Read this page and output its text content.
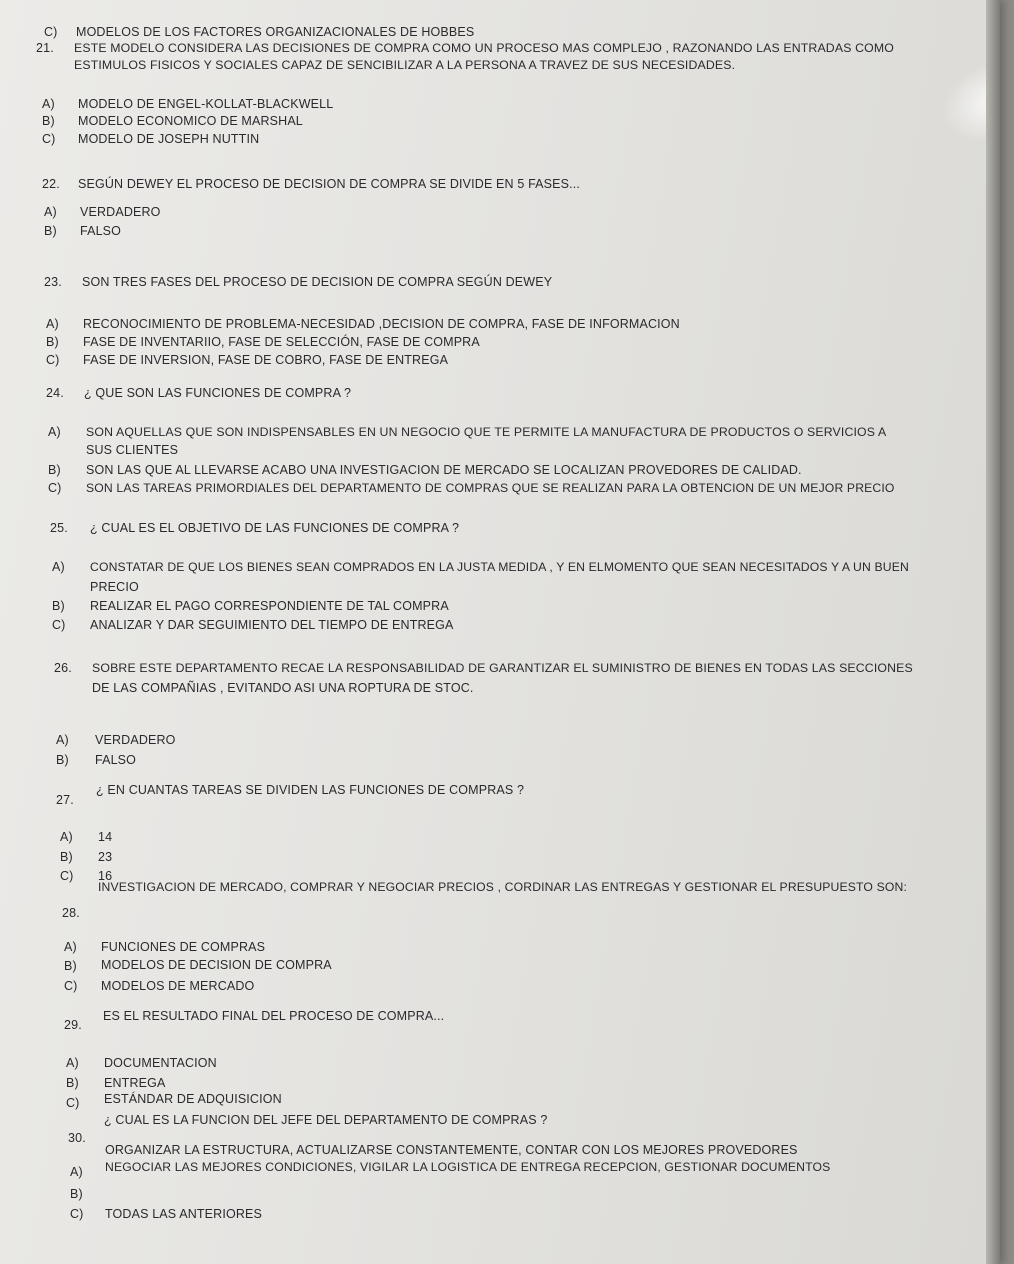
C) MODELOS DE LOS FACTORES ORGANIZACIONALES DE HOBBES
21. ESTE MODELO CONSIDERA LAS DECISIONES DE COMPRA COMO UN PROCESO MAS COMPLEJO , RAZONANDO LAS ENTRADAS COMO
ESTIMULOS FISICOS Y SOCIALES CAPAZ DE SENCIBILIZAR A LA PERSONA A TRAVEZ DE SUS NECESIDADES.
A) MODELO DE ENGEL-KOLLAT-BLACKWELL
B) MODELO ECONOMICO DE MARSHAL
C) MODELO DE JOSEPH NUTTIN
22. SEGÚN DEWEY EL PROCESO DE DECISION DE COMPRA SE DIVIDE EN 5 FASES...
A) VERDADERO
B) FALSO
23. SON TRES FASES DEL PROCESO DE DECISION DE COMPRA SEGÚN DEWEY
A) RECONOCIMIENTO DE PROBLEMA-NECESIDAD ,DECISION DE COMPRA, FASE DE INFORMACION
B) FASE DE INVENTARIIO, FASE DE SELECCIÓN, FASE DE COMPRA
C) FASE DE INVERSION, FASE DE COBRO, FASE DE ENTREGA
24. ¿ QUE SON LAS FUNCIONES DE COMPRA ?
A) SON AQUELLAS QUE SON INDISPENSABLES EN UN NEGOCIO QUE TE PERMITE LA MANUFACTURA DE PRODUCTOS O SERVICIOS A
SUS CLIENTES
B) SON LAS QUE AL LLEVARSE ACABO UNA INVESTIGACION DE MERCADO SE LOCALIZAN PROVEDORES DE CALIDAD.
C) SON LAS TAREAS PRIMORDIALES DEL DEPARTAMENTO DE COMPRAS QUE SE REALIZAN PARA LA OBTENCION DE UN MEJOR PRECIO
25. ¿ CUAL ES EL OBJETIVO DE LAS FUNCIONES DE COMPRA ?
A) CONSTATAR DE QUE LOS BIENES SEAN COMPRADOS EN LA JUSTA MEDIDA , Y EN ELMOMENTO QUE SEAN NECESITADOS Y A UN BUEN
PRECIO
B) REALIZAR EL PAGO CORRESPONDIENTE DE TAL COMPRA
C) ANALIZAR Y DAR SEGUIMIENTO DEL TIEMPO DE ENTREGA
26. SOBRE ESTE DEPARTAMENTO RECAE LA RESPONSABILIDAD DE GARANTIZAR EL SUMINISTRO DE BIENES EN TODAS LAS SECCIONES
DE LAS COMPAÑIAS , EVITANDO ASI UNA ROPTURA DE STOC.
A) VERDADERO
B) FALSO
27.
¿ EN CUANTAS TAREAS SE DIVIDEN LAS FUNCIONES DE COMPRAS ?
A) 14
B) 23
C) 16
28.
INVESTIGACION DE MERCADO, COMPRAR Y NEGOCIAR PRECIOS , CORDINAR LAS ENTREGAS Y GESTIONAR EL PRESUPUESTO SON:
A) FUNCIONES DE COMPRAS
B) MODELOS DE DECISION DE COMPRA
C) MODELOS DE MERCADO
29.
ES EL RESULTADO FINAL DEL PROCESO DE COMPRA...
A) DOCUMENTACION
B) ENTREGA
C) ESTÁNDAR DE ADQUISICION
30.
¿ CUAL ES LA FUNCION DEL JEFE DEL DEPARTAMENTO DE COMPRAS ?
A)
ORGANIZAR LA ESTRUCTURA, ACTUALIZARSE CONSTANTEMENTE, CONTAR CON LOS MEJORES PROVEDORES
B)
NEGOCIAR LAS MEJORES CONDICIONES, VIGILAR LA LOGISTICA DE ENTREGA RECEPCION, GESTIONAR DOCUMENTOS
C) TODAS LAS ANTERIORES
